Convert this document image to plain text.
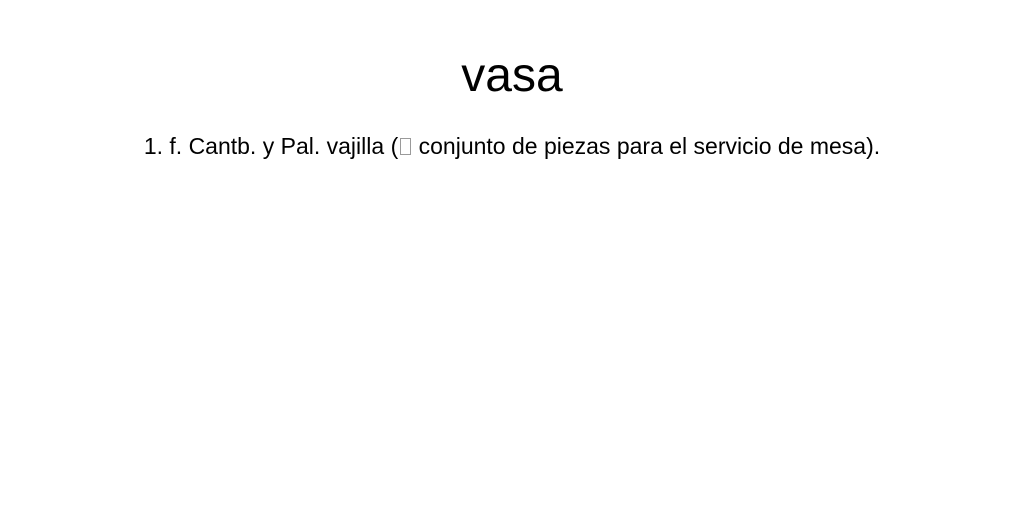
vasa

1. f. Cantb. y Pal. vajilla ( conjunto de piezas para el servicio de mesa).
